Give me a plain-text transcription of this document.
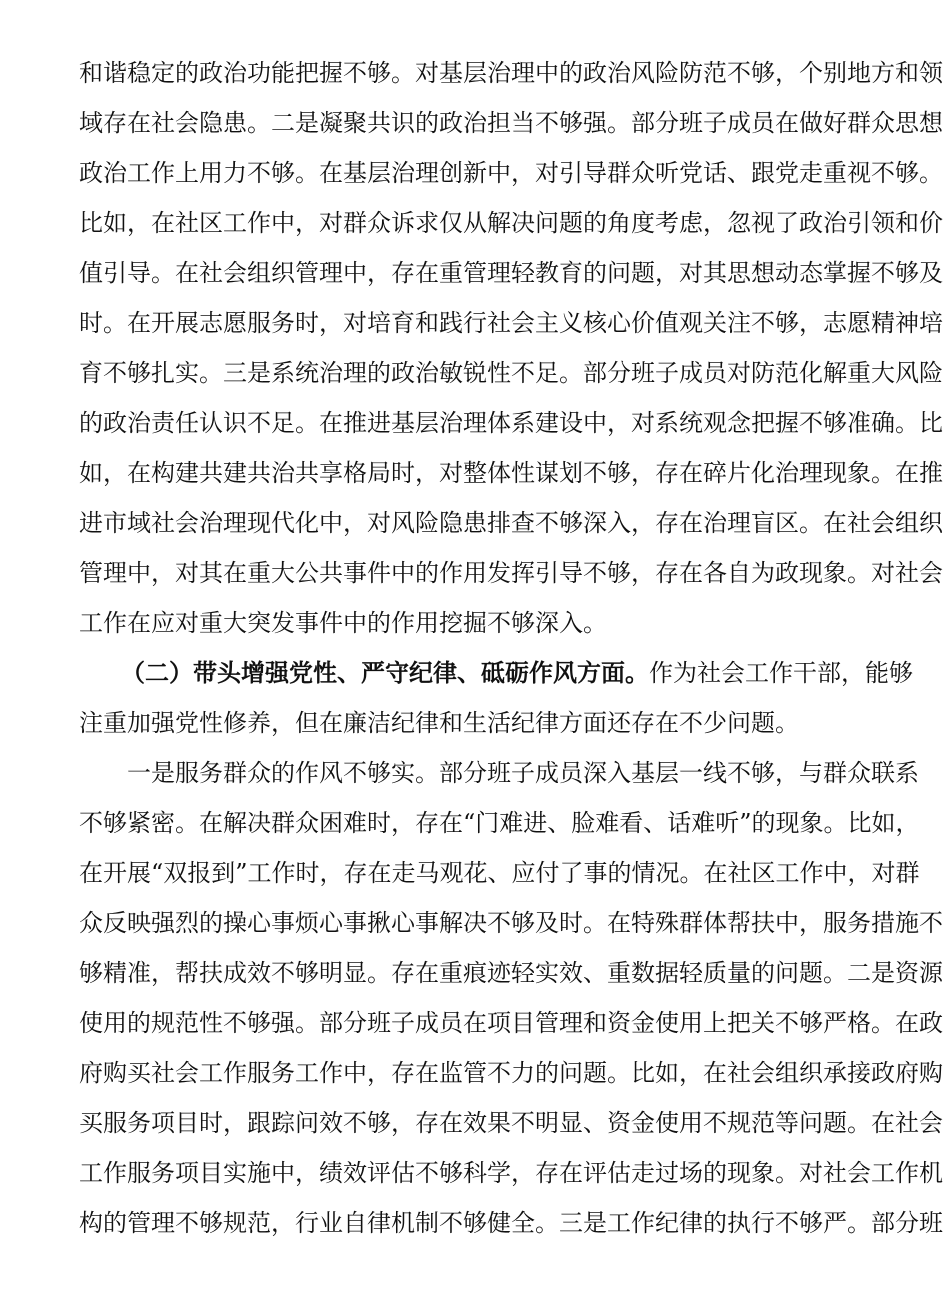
和谐稳定的政治功能把握不够。对基层治理中的政治风险防范不够，个别地方和领
域存在社会隐患。二是凝聚共识的政治担当不够强。部分班子成员在做好群众思想
政治工作上用力不够。在基层治理创新中，对引导群众听党话、跟党走重视不够。
比如，在社区工作中，对群众诉求仅从解决问题的角度考虑，忽视了政治引领和价
值引导。在社会组织管理中，存在重管理轻教育的问题，对其思想动态掌握不够及
时。在开展志愿服务时，对培育和践行社会主义核心价值观关注不够，志愿精神培
育不够扎实。三是系统治理的政治敏锐性不足。部分班子成员对防范化解重大风险
的政治责任认识不足。在推进基层治理体系建设中，对系统观念把握不够准确。比
如，在构建共建共治共享格局时，对整体性谋划不够，存在碎片化治理现象。在推
进市域社会治理现代化中，对风险隐患排查不够深入，存在治理盲区。在社会组织
管理中，对其在重大公共事件中的作用发挥引导不够，存在各自为政现象。对社会
工作在应对重大突发事件中的作用挖掘不够深入。
（二）带头增强党性、严守纪律、砥砺作风方面。作为社会工作干部，能够
注重加强党性修养，但在廉洁纪律和生活纪律方面还存在不少问题。
一是服务群众的作风不够实。部分班子成员深入基层一线不够，与群众联系
不够紧密。在解决群众困难时，存在“门难进、脸难看、话难听”的现象。比如，
在开展“双报到”工作时，存在走马观花、应付了事的情况。在社区工作中，对群
众反映强烈的操心事烦心事揪心事解决不够及时。在特殊群体帮扶中，服务措施不
够精准，帮扶成效不够明显。存在重痕迹轻实效、重数据轻质量的问题。二是资源
使用的规范性不够强。部分班子成员在项目管理和资金使用上把关不够严格。在政
府购买社会工作服务工作中，存在监管不力的问题。比如，在社会组织承接政府购
买服务项目时，跟踪问效不够，存在效果不明显、资金使用不规范等问题。在社会
工作服务项目实施中，绩效评估不够科学，存在评估走过场的现象。对社会工作机
构的管理不够规范，行业自律机制不够健全。三是工作纪律的执行不够严。部分班
